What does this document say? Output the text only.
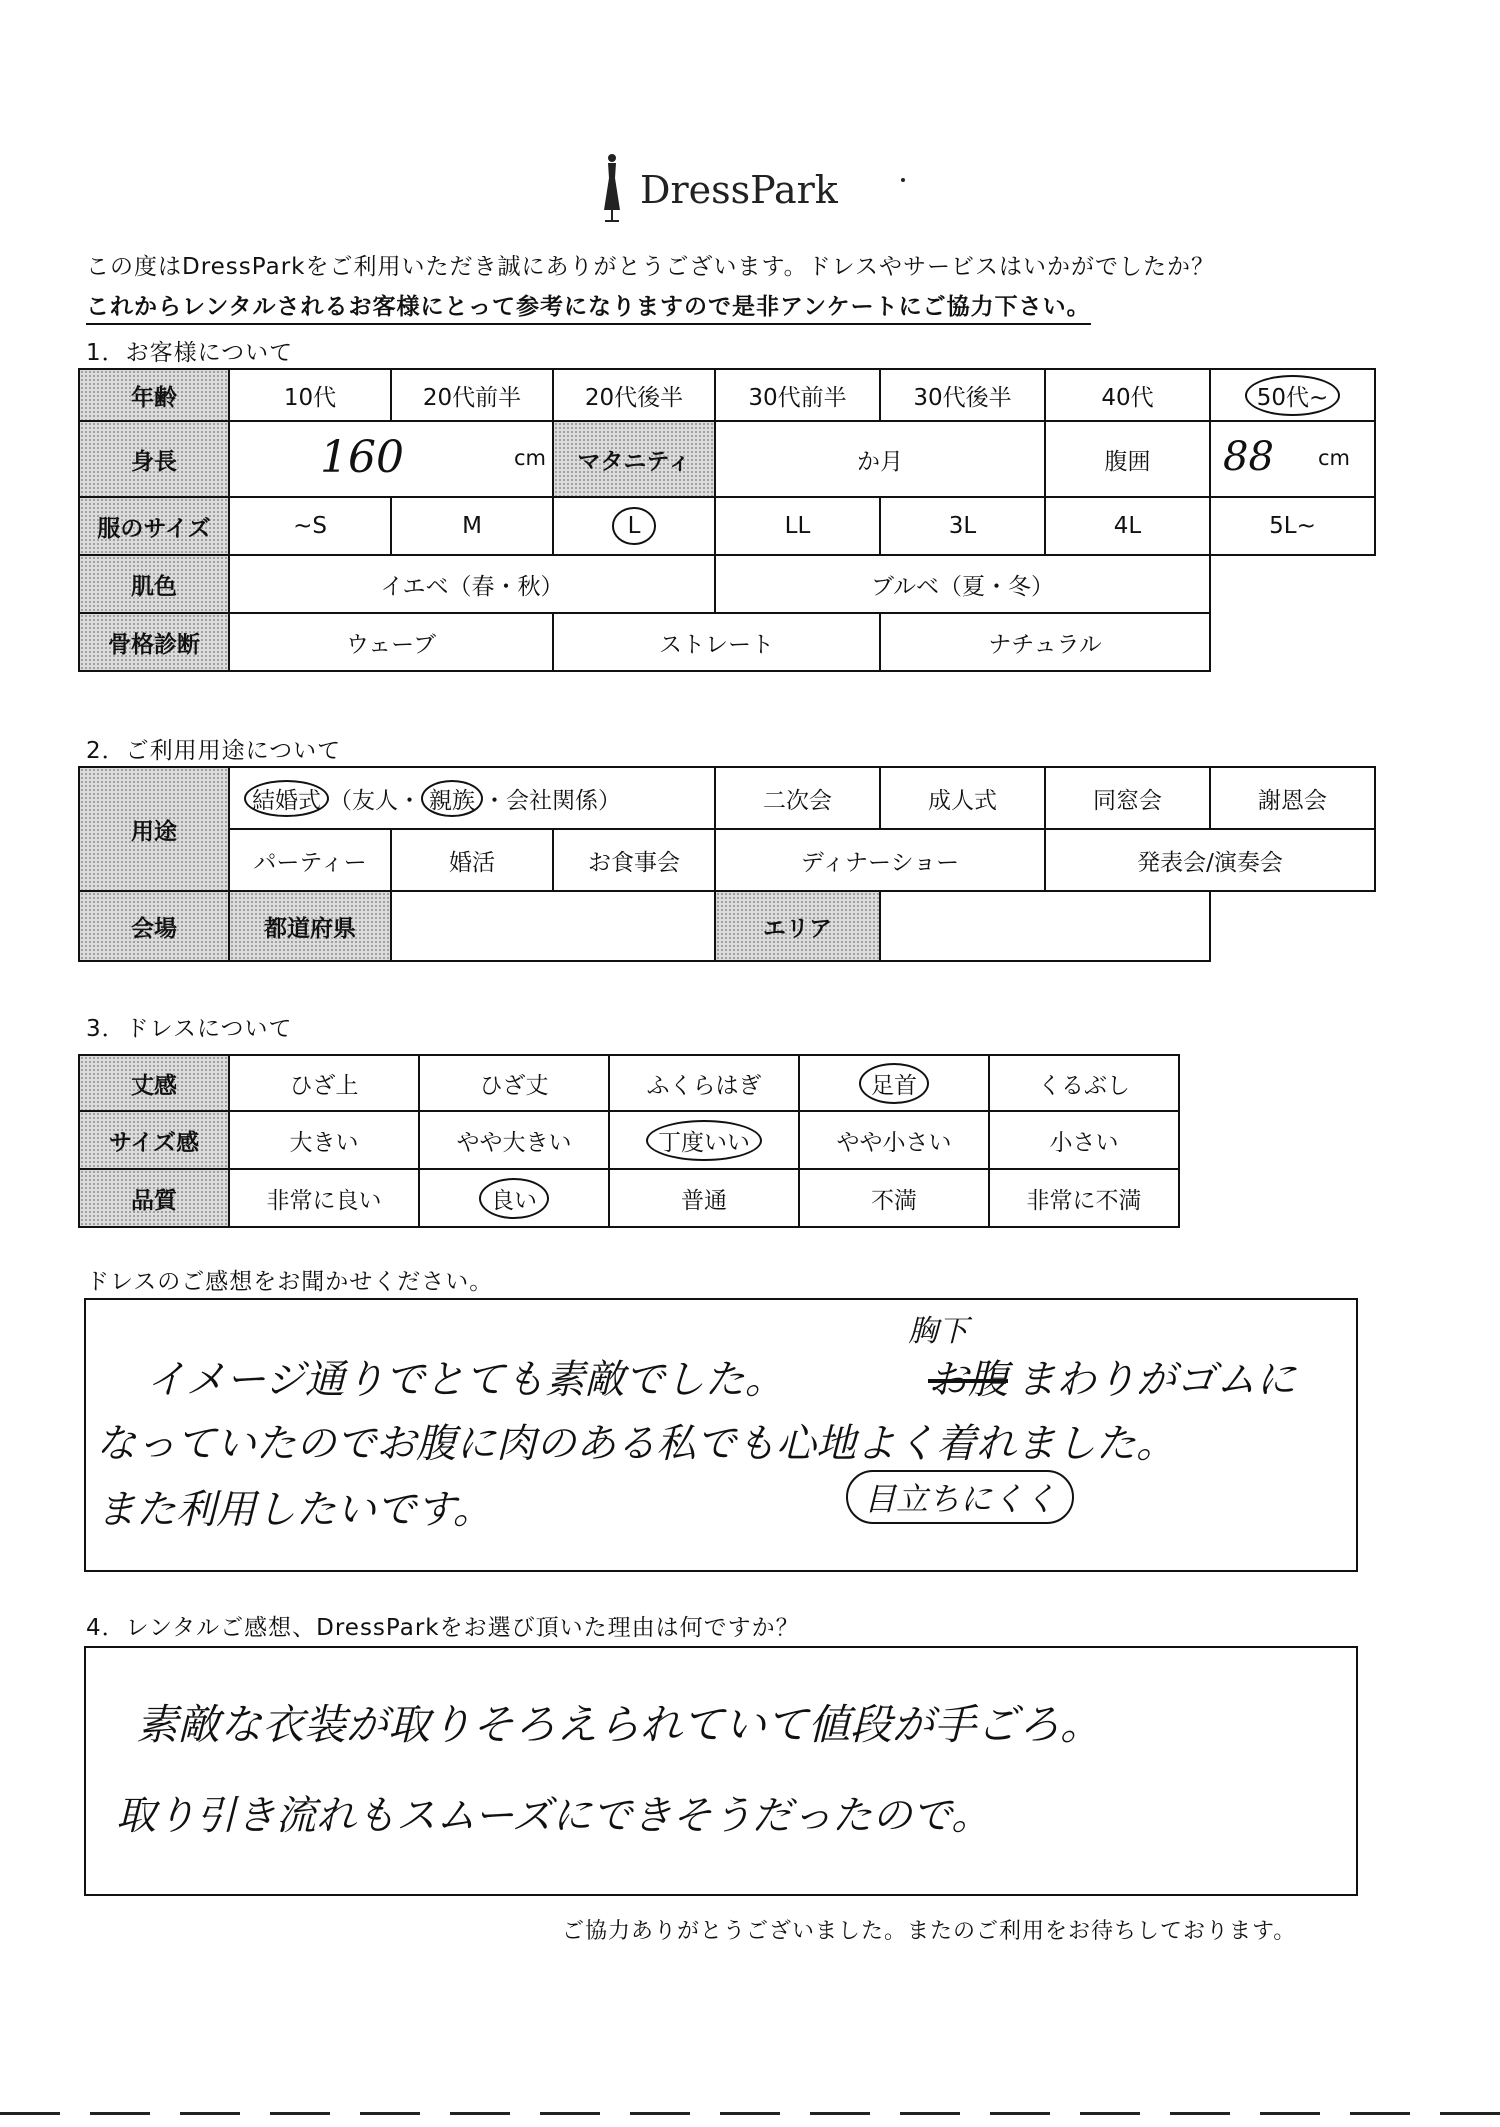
DressPark
この度はDressParkをご利用いただき誠にありがとうございます。ドレスやサービスはいかがでしたか？
これからレンタルされるお客様にとって参考になりますので是非アンケートにご協力下さい。
1．お客様について
年齢	10代	20代前半	20代後半	30代前半	30代後半	40代	50代~
身長	160 cm		マタニティ	か月		腹囲	88 cm

服のサイズ	~S	M	L	LL	3L	4L	5L~
肌色	イエベ（春・秋）			ブルベ（夏・冬）			
骨格診断	ウェーブ		ストレート		ナチュラル		
2．ご利用用途について
用途	結婚式 （友人・ 親族 ・会社関係）			二次会	成人式	同窓会	謝恩会
	パーティー	婚活	お食事会	ディナーショー		発表会/演奏会	
会場	都道府県			エリア			
3．ドレスについて
丈感	ひざ上	ひざ丈	ふくらはぎ	足首	くるぶし
サイズ感	大きい	やや大きい	丁度いい	やや小さい	小さい
品質	非常に良い	良い	普通	不満	非常に不満
ドレスのご感想をお聞かせください。
イメージ通りでとても素敵でした。	お腹
胸下
まわりがゴムに
なっていたのでお腹に肉のある私でも心地よく着れました。
また利用したいです。	目立ちにくく
4．レンタルご感想、DressParkをお選び頂いた理由は何ですか？
素敵な衣装が取りそろえられていて値段が手ごろ。
取り引き流れもスムーズにできそうだったので。
ご協力ありがとうございました。またのご利用をお待ちしております。
